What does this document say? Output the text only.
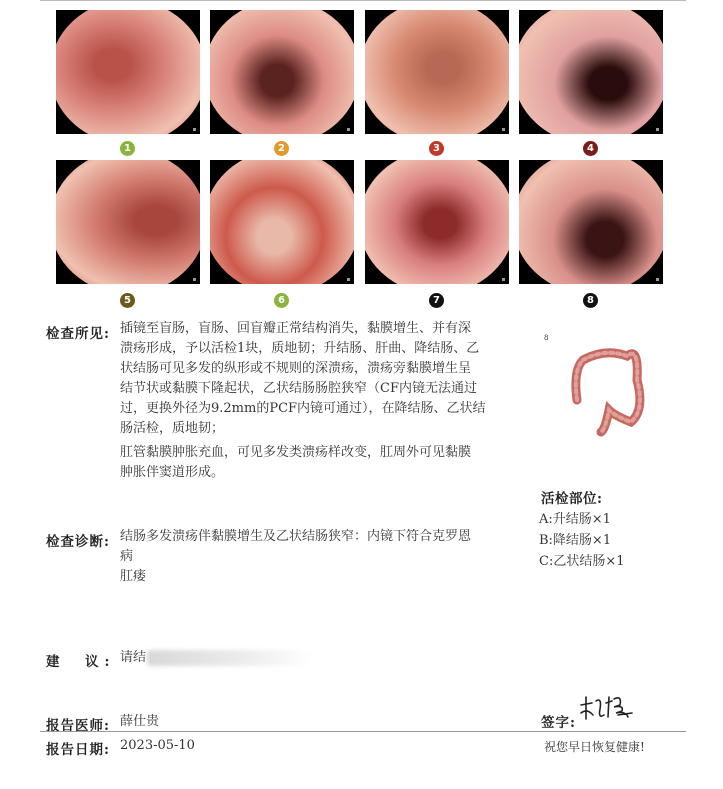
1	2	3	4
5	6	7	8
检查所见: 插镜至盲肠，盲肠、回盲瓣正常结构消失，黏膜增生、并有深
溃疡形成，予以活检1块，质地韧；升结肠、肝曲、降结肠、乙
状结肠可见多发的纵形或不规则的深溃疡，溃疡旁黏膜增生呈
结节状或黏膜下隆起状，乙状结肠肠腔狭窄（CF内镜无法通过
过，更换外径为9.2mm的PCF内镜可通过），在降结肠、乙状结
肠活检，质地韧；
肛管黏膜肿胀充血，可见多发类溃疡样改变，肛周外可见黏膜
肿胀伴窦道形成。
8
活检部位:
A:升结肠×1
B:降结肠×1
C:乙状结肠×1
检查诊断: 结肠多发溃疡伴黏膜增生及乙状结肠狭窄：内镜下符合克罗恩
病
肛瘘
建　议: 请结
报告医师: 薛仕贵	签字:
报告日期: 2023-05-10	祝您早日恢复健康!
